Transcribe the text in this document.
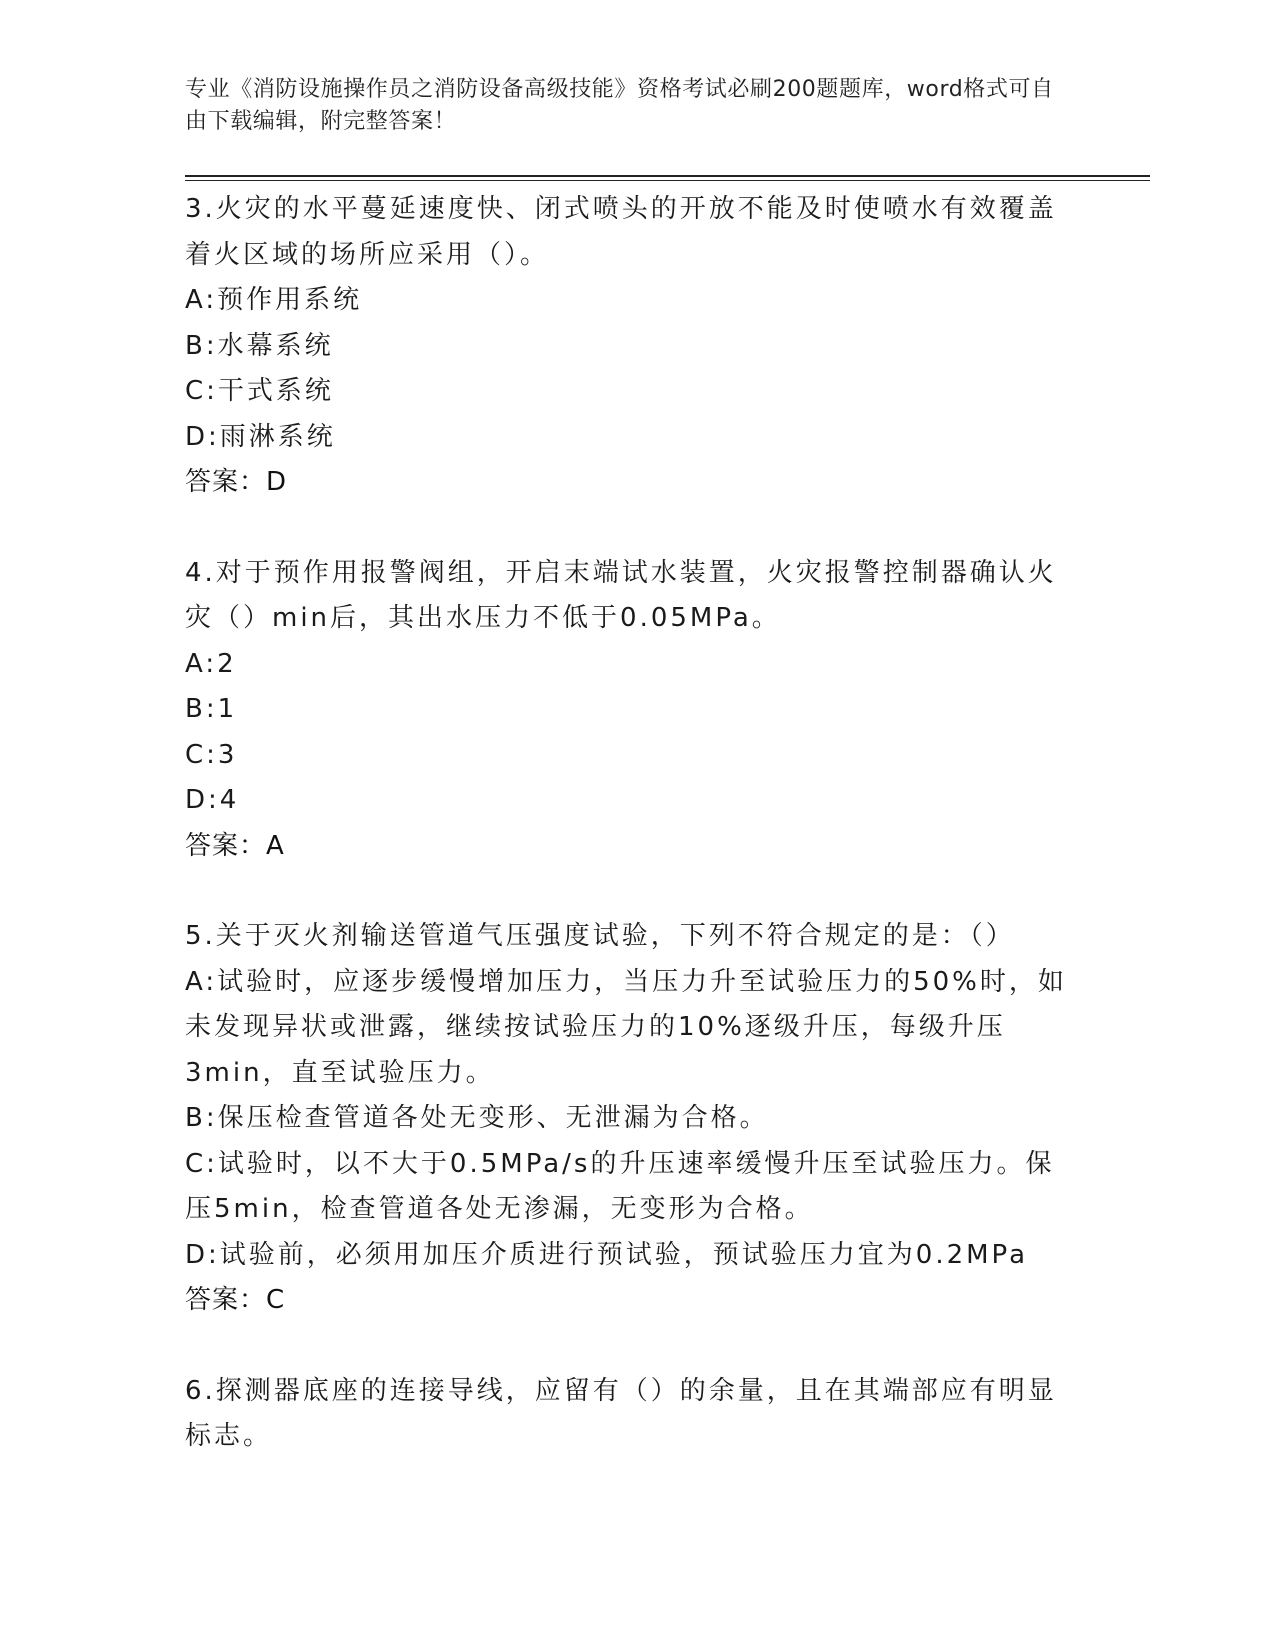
专业《消防设施操作员之消防设备高级技能》资格考试必刷200题题库，word格式可自由下载编辑，附完整答案！

3.火灾的水平蔓延速度快、闭式喷头的开放不能及时使喷水有效覆盖着火区域的场所应采用（）。

A:预作用系统

B:水幕系统

C:干式系统

D:雨淋系统

答案：D

4.对于预作用报警阀组，开启末端试水装置，火灾报警控制器确认火灾（）min后，其出水压力不低于0.05MPa。

A:2

B:1

C:3

D:4

答案：A

5.关于灭火剂输送管道气压强度试验，下列不符合规定的是：（）

A:试验时，应逐步缓慢增加压力，当压力升至试验压力的50%时，如未发现异状或泄露，继续按试验压力的10%逐级升压，每级升压3min，直至试验压力。

B:保压检查管道各处无变形、无泄漏为合格。

C:试验时，以不大于0.5MPa/s的升压速率缓慢升压至试验压力。保压5min，检查管道各处无渗漏，无变形为合格。

D:试验前，必须用加压介质进行预试验，预试验压力宜为0.2MPa

答案：C

6.探测器底座的连接导线，应留有（）的余量，且在其端部应有明显标志。
